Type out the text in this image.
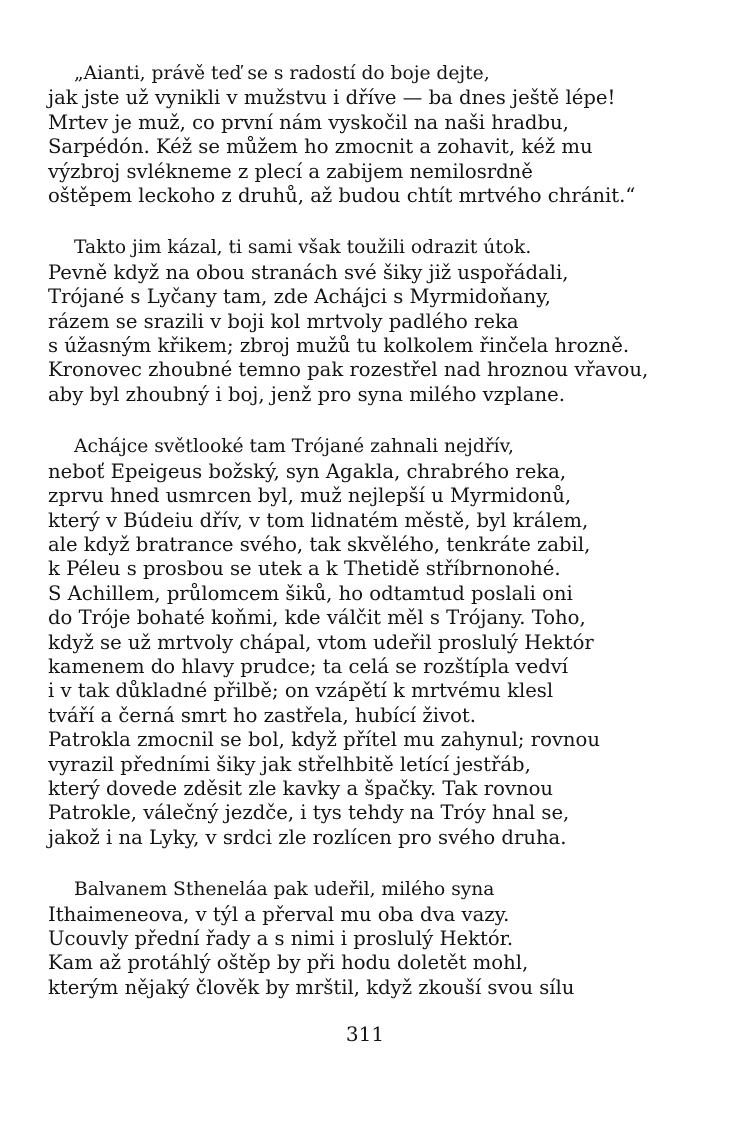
„Aianti, právě teď se s radostí do boje dejte,
jak jste už vynikli v mužstvu i dříve — ba dnes ještě lépe!
Mrtev je muž, co první nám vyskočil na naši hradbu,
Sarpédón. Kéž se můžem ho zmocnit a zohavit, kéž mu
výzbroj svlékneme z plecí a zabijem nemilosrdně
oštěpem leckoho z druhů, až budou chtít mrtvého chránit.“
Takto jim kázal, ti sami však toužili odrazit útok.
Pevně když na obou stranách své šiky již uspořádali,
Trójané s Lyčany tam, zde Achájci s Myrmidoňany,
rázem se srazili v boji kol mrtvoly padlého reka
s úžasným křikem; zbroj mužů tu kolkolem řinčela hrozně.
Kronovec zhoubné temno pak rozestřel nad hroznou vřavou,
aby byl zhoubný i boj, jenž pro syna milého vzplane.
Achájce světlooké tam Trójané zahnali nejdřív,
neboť Epeigeus božský, syn Agakla, chrabrého reka,
zprvu hned usmrcen byl, muž nejlepší u Myrmidonů,
který v Búdeiu dřív, v tom lidnatém městě, byl králem,
ale když bratrance svého, tak skvělého, tenkráte zabil,
k Péleu s prosbou se utek a k Thetidě stříbrnonohé.
S Achillem, průlomcem šiků, ho odtamtud poslali oni
do Tróje bohaté koňmi, kde válčit měl s Trójany. Toho,
když se už mrtvoly chápal, vtom udeřil proslulý Hektór
kamenem do hlavy prudce; ta celá se rozštípla vedví
i v tak důkladné přilbě; on vzápětí k mrtvému klesl
tváří a černá smrt ho zastřela, hubící život.
Patrokla zmocnil se bol, když přítel mu zahynul; rovnou
vyrazil předními šiky jak střelhbitě letící jestřáb,
který dovede zděsit zle kavky a špačky. Tak rovnou
Patrokle, válečný jezdče, i tys tehdy na Tróy hnal se,
jakož i na Lyky, v srdci zle rozlícen pro svého druha.
Balvanem Stheneláa pak udeřil, milého syna
Ithaimeneova, v týl a přerval mu oba dva vazy.
Ucouvly přední řady a s nimi i proslulý Hektór.
Kam až protáhlý oštěp by při hodu doletět mohl,
kterým nějaký člověk by mrštil, když zkouší svou sílu
311
